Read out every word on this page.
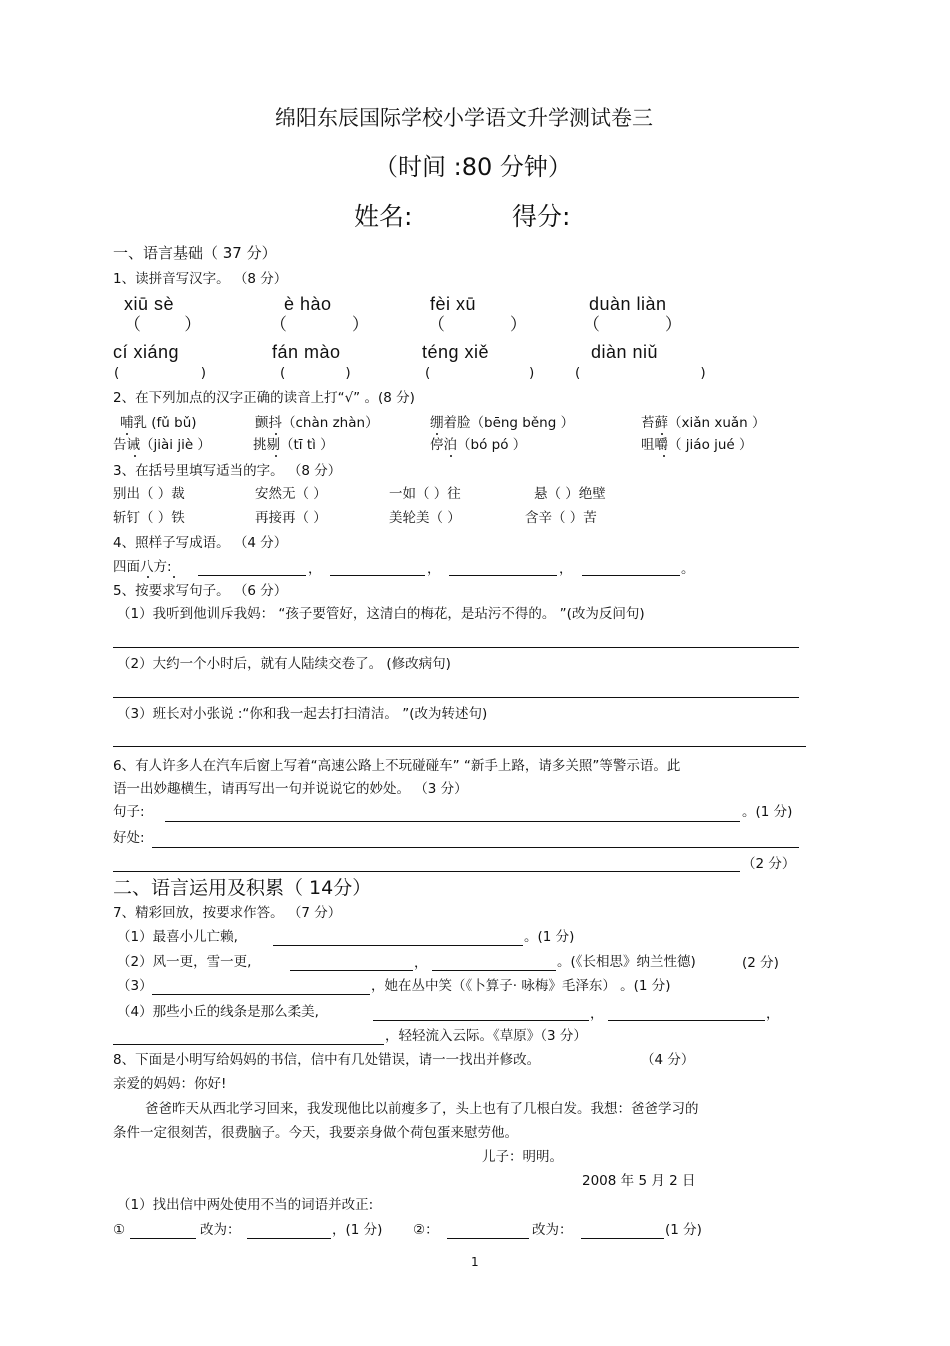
绵阳东辰国际学校小学语文升学测试卷三
（时间 :80 分钟）
姓名:	得分:
一、语言基础（ 37 分）
1、读拼音写汉字。 （8 分）
xiū sè	è hào	fèi xū	duàn liàn
（        ）	（            ）	（            ）	（            ）
cí xiáng	fán mào	téng xiě	diàn niǔ
(                   )	(              )	(                       )	(                            )
2、在下列加点的汉字正确的读音上打“√” 。(8 分)
哺乳 (fǔ bǔ)	颤抖（chàn zhàn）	绷着脸（bēng běng ）	苔藓（xiǎn xuǎn ）
告诫（jiài jiè ）	挑剔（tī tì ）	停泊（bó pó ）	咀嚼（ jiáo jué ）
3、在括号里填写适当的字。 （8 分）
别出（ ）裁	安然无（ ）	一如（ ）往	悬（ ）绝壁
斩钉（ ）铁	再接再（ ）	美轮美（ ）	含辛（ ）苦
4、照样子写成语。 （4 分）
四面八方:	，	，	，	。
5、按要求写句子。 （6 分）
（1）我听到他训斥我妈： “孩子要管好，这清白的梅花，是玷污不得的。 ”(改为反问句)
（2）大约一个小时后，就有人陆续交卷了。 (修改病句)
（3）班长对小张说 :“你和我一起去打扫清洁。 ”(改为转述句)
6、有人许多人在汽车后窗上写着“高速公路上不玩碰碰车” “新手上路，请多关照”等警示语。此
语一出妙趣横生，请再写出一句并说说它的妙处。 （3 分）
句子:	。(1 分)
好处:
（2 分）
二、语言运用及积累（ 14分）
7、精彩回放，按要求作答。 （7 分）
（1）最喜小儿亡赖,	。(1 分)
（2）风一更，雪一更,	，	。(《长相思》纳兰性德)	(2 分)
（3）	，她在丛中笑（《卜算子· 咏梅》毛泽东） 。(1 分)
（4）那些小丘的线条是那么柔美,	，	，
，轻轻流入云际。《草原》（3 分）
8、下面是小明写给妈妈的书信，信中有几处错误，请一一找出并修改。	（4 分）
亲爱的妈妈：你好!
爸爸昨天从西北学习回来，我发现他比以前瘦多了，头上也有了几根白发。我想：爸爸学习的
条件一定很刻苦，很费脑子。今天，我要亲身做个荷包蛋来慰劳他。
儿子：明明。
2008 年 5 月 2 日
（1）找出信中两处使用不当的词语并改正:
①	改为：	，(1 分) ②：	改为：	(1 分)
1
